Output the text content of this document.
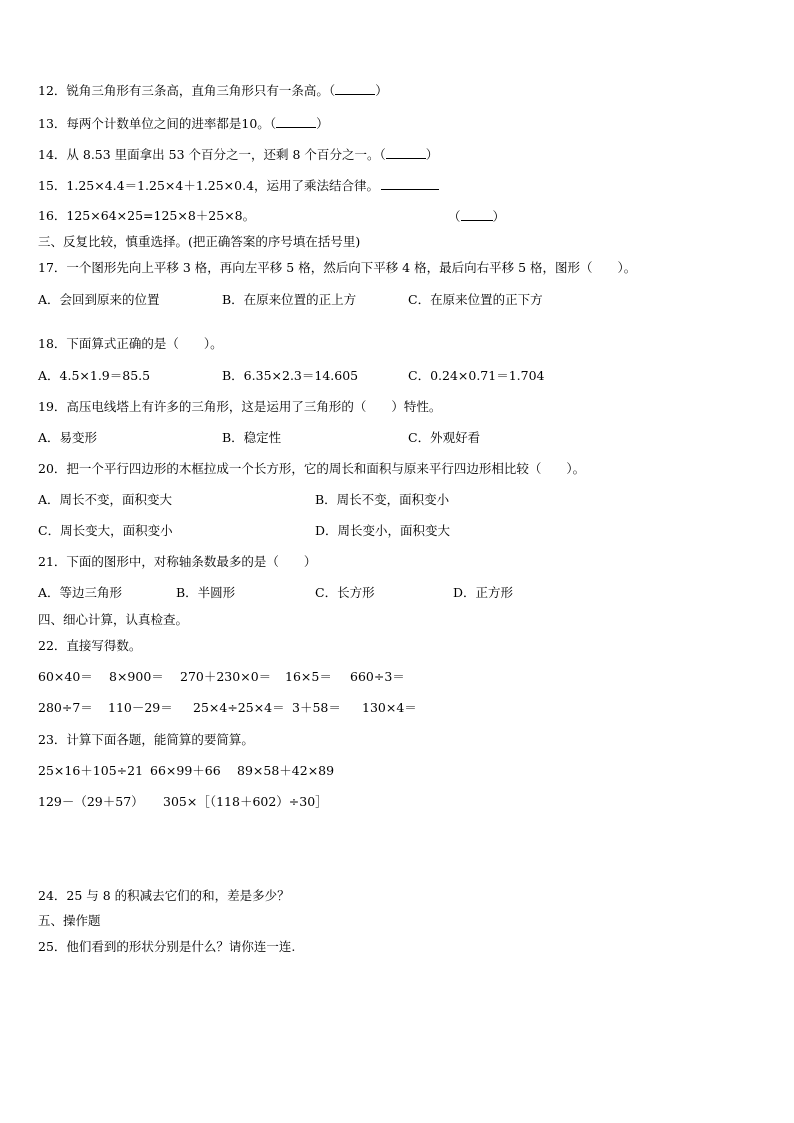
12．锐角三角形有三条高，直角三角形只有一条高。（	）
13．每两个计数单位之间的进率都是10。（	）
14．从 8.53 里面拿出 53 个百分之一，还剩 8 个百分之一。（	）
15．1.25×4.4＝1.25×4＋1.25×0.4，运用了乘法结合律。
16．125×64×25=125×8＋25×8。	（	）
三、反复比较，慎重选择。(把正确答案的序号填在括号里)
17．一个图形先向上平移 3 格，再向左平移 5 格，然后向下平移 4 格，最后向右平移 5 格，图形（　　）。
A．会回到原来的位置	B．在原来位置的正上方	C．在原来位置的正下方
18．下面算式正确的是（　　）。
A．4.5×1.9＝85.5	B．6.35×2.3＝14.605	C．0.24×0.71＝1.704
19．高压电线塔上有许多的三角形，这是运用了三角形的（　　）特性。
A．易变形	B．稳定性	C．外观好看
20．把一个平行四边形的木框拉成一个长方形，它的周长和面积与原来平行四边形相比较（　　）。
A．周长不变，面积变大	B．周长不变，面积变小
C．周长变大，面积变小	D．周长变小，面积变大
21．下面的图形中，对称轴条数最多的是（　　）
A．等边三角形	B．半圆形	C．长方形	D．正方形
四、细心计算，认真检查。
22．直接写得数。
60×40＝ 8×900＝ 270＋230×0＝ 16×5＝ 660÷3＝
280÷7＝ 110－29＝ 25×4÷25×4＝ 3＋58＝ 130×4＝
23．计算下面各题，能简算的要简算。
25×16＋105÷21 66×99＋66 89×58＋42×89
129－（29＋57） 305×［（118＋602）÷30］
24．25 与 8 的积减去它们的和，差是多少？
五、操作题
25．他们看到的形状分别是什么？请你连一连.
